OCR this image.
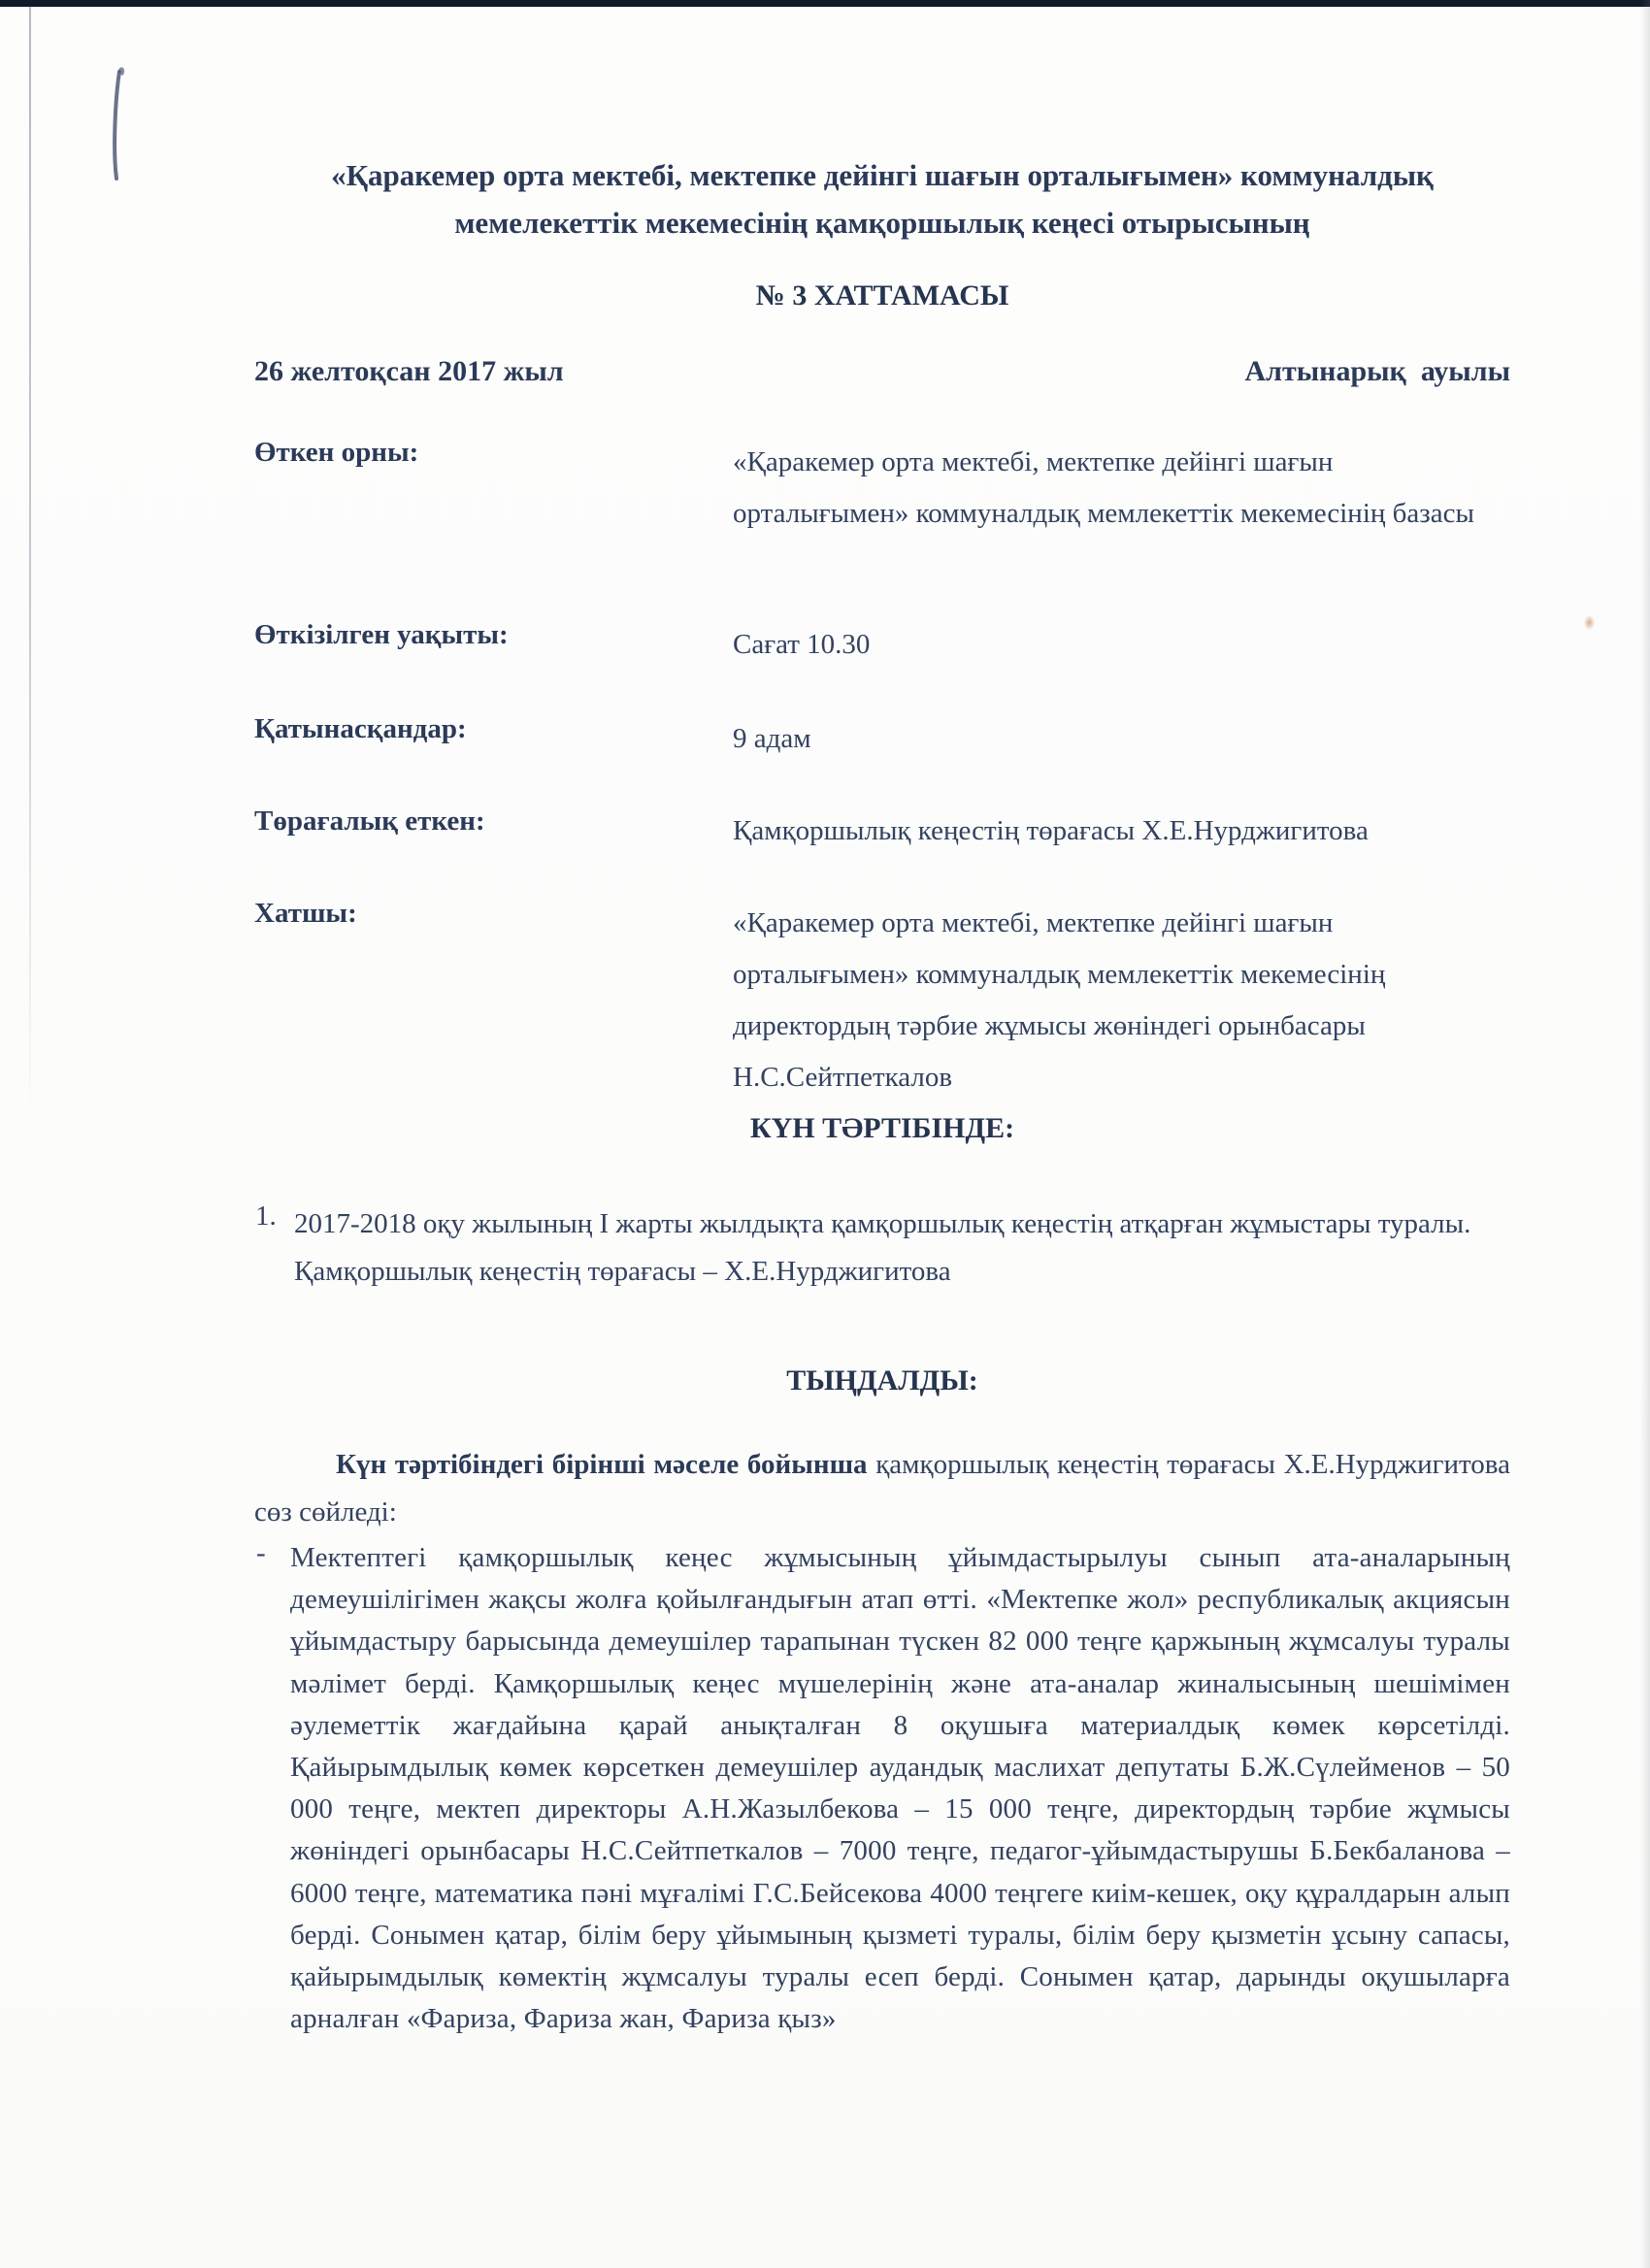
«Қаракемер орта мектебі, мектепке дейінгі шағын орталығымен» коммуналдық
мемелекеттік мекемесінің қамқоршылық кеңесі отырысының
№ 3 ХАТТАМАСЫ
26 желтоқсан 2017 жыл	Алтынарық  ауылы
Өткен орны:	«Қаракемер орта мектебі, мектепке дейінгі шағын орталығымен» коммуналдық мемлекеттік мекемесінің базасы
Өткізілген уақыты:	Сағат 10.30
Қатынасқандар:	9 адам
Төрағалық еткен:	Қамқоршылық кеңестің төрағасы Х.Е.Нурджигитова
Хатшы:	«Қаракемер орта мектебі, мектепке дейінгі шағын орталығымен» коммуналдық мемлекеттік мекемесінің директордың тәрбие жұмысы жөніндегі орынбасары Н.С.Сейтпеткалов
КҮН ТӘРТІБІНДЕ:
1. 2017-2018 оқу жылының I жарты жылдықта қамқоршылық кеңестің атқарған жұмыстары туралы.
Қамқоршылық кеңестің төрағасы – Х.Е.Нурджигитова
ТЫҢДАЛДЫ:
Күн тәртібіндегі бірінші мәселе бойынша қамқоршылық кеңестің төрағасы Х.Е.Нурджигитова сөз сөйледі:
- Мектептегі қамқоршылық кеңес жұмысының ұйымдастырылуы сынып ата-аналарының демеушілігімен жақсы жолға қойылғандығын атап өтті. «Мектепке жол» республикалық акциясын ұйымдастыру барысында демеушілер тарапынан түскен 82 000 теңге қаржының жұмсалуы туралы мәлімет берді. Қамқоршылық кеңес мүшелерінің және ата-аналар жиналысының шешімімен әулеметтік жағдайына қарай анықталған 8 оқушыға материалдық көмек көрсетілді. Қайырымдылық көмек көрсеткен демеушілер аудандық маслихат депутаты Б.Ж.Сүлейменов – 50 000 теңге, мектеп директоры А.Н.Жазылбекова – 15 000 теңге, директордың тәрбие жұмысы жөніндегі орынбасары Н.С.Сейтпеткалов – 7000 теңге, педагог-ұйымдастырушы Б.Бекбаланова – 6000 теңге, математика пәні мұғалімі Г.С.Бейсекова 4000 теңгеге киім-кешек, оқу құралдарын алып берді. Сонымен қатар, білім беру ұйымының қызметі туралы, білім беру қызметін ұсыну сапасы, қайырымдылық көмектің жұмсалуы туралы есеп берді. Сонымен қатар, дарынды оқушыларға арналған «Фариза, Фариза жан, Фариза қыз»
